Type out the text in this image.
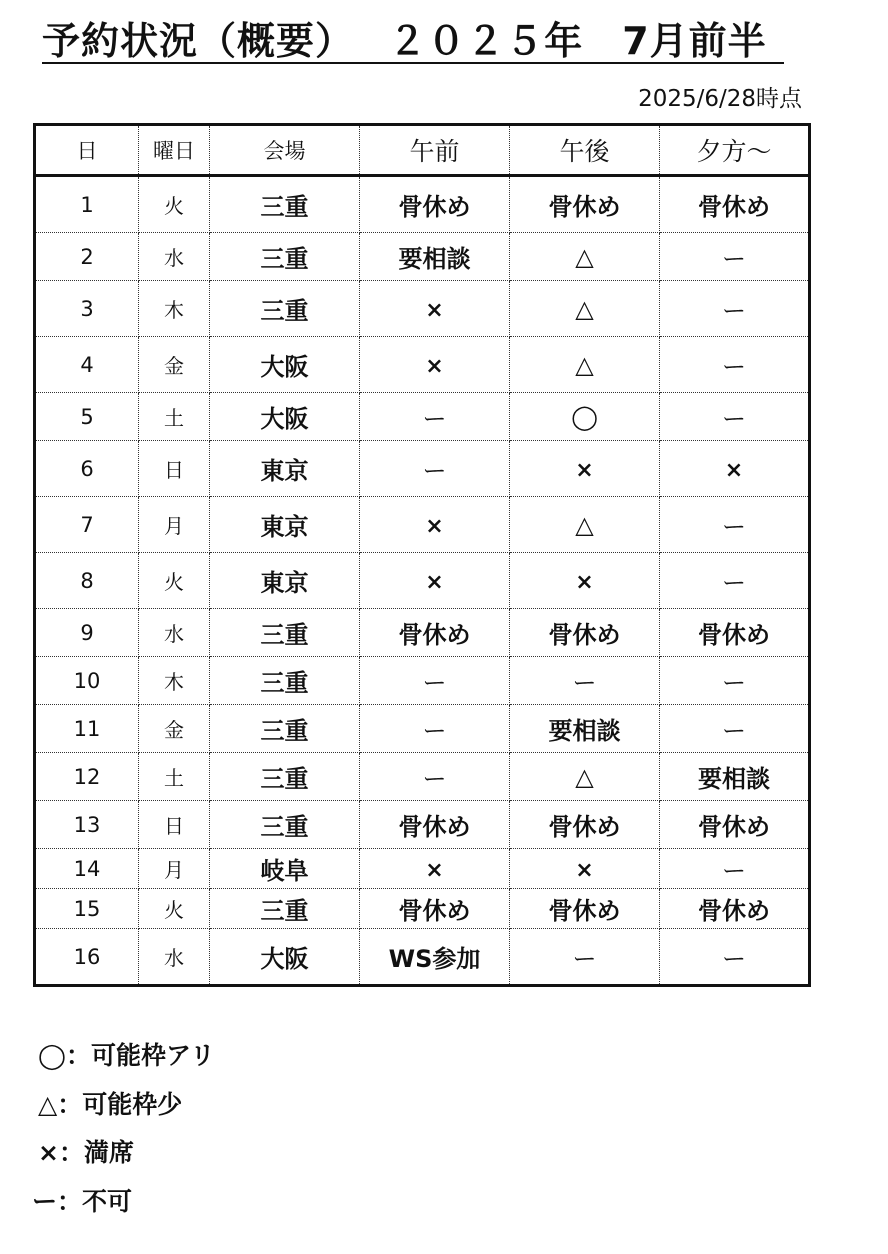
予約状況（概要）　 ２０２５年　7月前半
2025/6/28時点
日	曜日	会場	午前	午後	夕方〜
1	火	三重	骨休め	骨休め	骨休め
2	水	三重	要相談	△	ー
3	木	三重	×	△	ー
4	金	大阪	×	△	ー
5	土	大阪	ー	◯	ー
6	日	東京	ー	×	×
7	月	東京	×	△	ー
8	火	東京	×	×	ー
9	水	三重	骨休め	骨休め	骨休め
10	木	三重	ー	ー	ー
11	金	三重	ー	要相談	ー
12	土	三重	ー	△	要相談
13	日	三重	骨休め	骨休め	骨休め
14	月	岐阜	×	×	ー
15	火	三重	骨休め	骨休め	骨休め
16	水	大阪	WS参加	ー	ー
◯：可能枠アリ
△：可能枠少
×：満席
ー：不可
